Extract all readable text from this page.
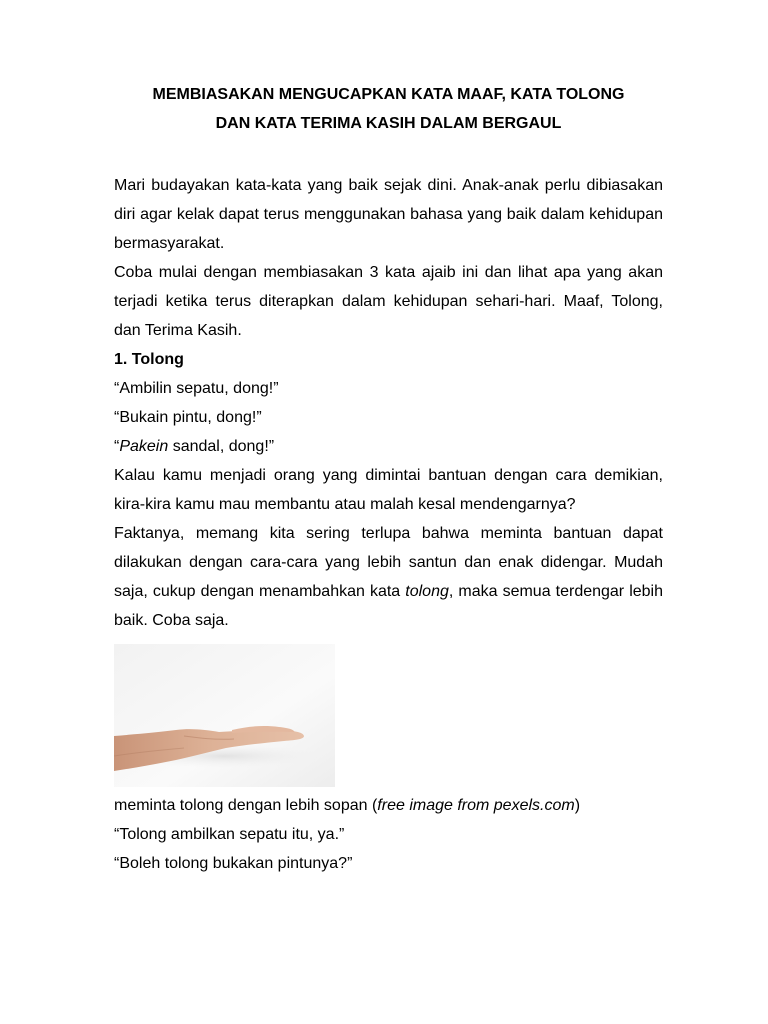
MEMBIASAKAN MENGUCAPKAN KATA MAAF, KATA TOLONG

DAN KATA TERIMA KASIH DALAM BERGAUL

Mari budayakan kata-kata yang baik sejak dini. Anak-anak perlu dibiasakan diri agar kelak dapat terus menggunakan bahasa yang baik dalam kehidupan bermasyarakat.

Coba mulai dengan membiasakan 3 kata ajaib ini dan lihat apa yang akan terjadi ketika terus diterapkan dalam kehidupan sehari-hari. Maaf, Tolong, dan Terima Kasih.

1. Tolong

“Ambilin sepatu, dong!”

“Bukain pintu, dong!”

“Pakein sandal, dong!”

Kalau kamu menjadi orang yang dimintai bantuan dengan cara demikian, kira-kira kamu mau membantu atau malah kesal mendengarnya?

Faktanya, memang kita sering terlupa bahwa meminta bantuan dapat dilakukan dengan cara-cara yang lebih santun dan enak didengar. Mudah saja, cukup dengan menambahkan kata tolong, maka semua terdengar lebih baik. Coba saja.

meminta tolong dengan lebih sopan (free image from pexels.com)

“Tolong ambilkan sepatu itu, ya.”

“Boleh tolong bukakan pintunya?”
